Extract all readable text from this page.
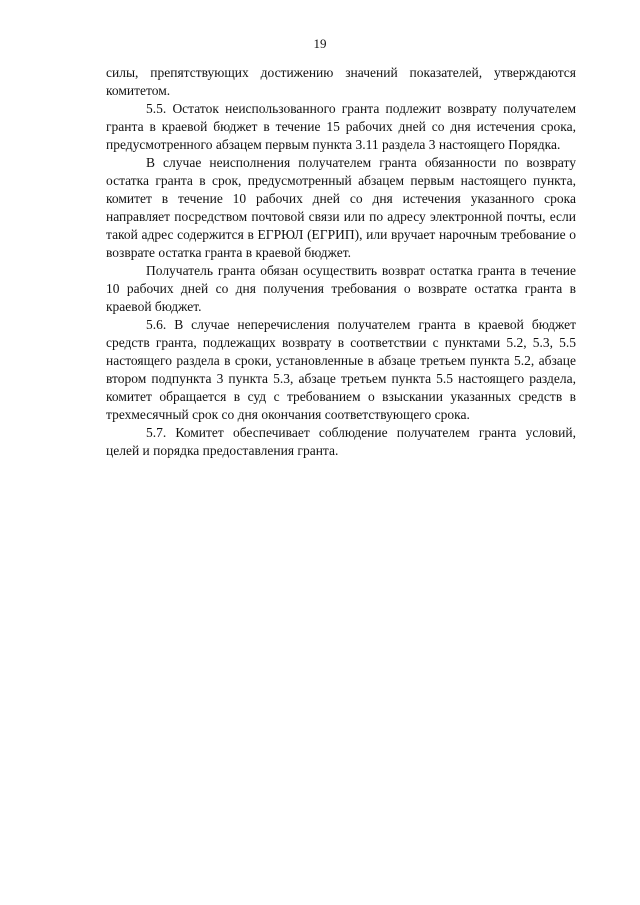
19

силы, препятствующих достижению значений показателей, утверждаются комитетом.

5.5. Остаток неиспользованного гранта подлежит возврату получателем гранта в краевой бюджет в течение 15 рабочих дней со дня истечения срока, предусмотренного абзацем первым пункта 3.11 раздела 3 настоящего Порядка.

В случае неисполнения получателем гранта обязанности по возврату остатка гранта в срок, предусмотренный абзацем первым настоящего пункта, комитет в течение 10 рабочих дней со дня истечения указанного срока направляет посредством почтовой связи или по адресу электронной почты, если такой адрес содержится в ЕГРЮЛ (ЕГРИП), или вручает нарочным требование о возврате остатка гранта в краевой бюджет.

Получатель гранта обязан осуществить возврат остатка гранта в течение 10 рабочих дней со дня получения требования о возврате остатка гранта в краевой бюджет.

5.6. В случае неперечисления получателем гранта в краевой бюджет средств гранта, подлежащих возврату в соответствии с пунктами 5.2, 5.3, 5.5 настоящего раздела в сроки, установленные в абзаце третьем пункта 5.2, абзаце втором подпункта 3 пункта 5.3, абзаце третьем пункта 5.5 настоящего раздела, комитет обращается в суд с требованием о взыскании указанных средств в трехмесячный срок со дня окончания соответствующего срока.

5.7. Комитет обеспечивает соблюдение получателем гранта условий, целей и порядка предоставления гранта.
